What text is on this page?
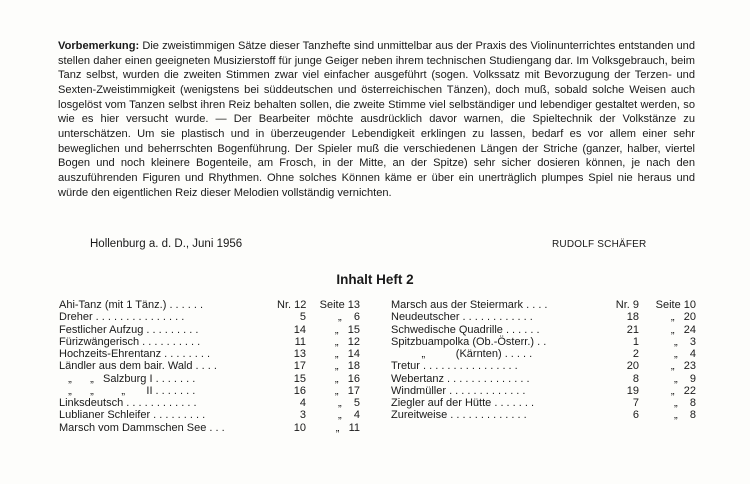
Vorbemerkung: Die zweistimmigen Sätze dieser Tanzhefte sind unmittelbar aus der Praxis des Violinunterrichtes entstanden und stellen daher einen geeigneten Musizierstoff für junge Geiger neben ihrem technischen Studiengang dar. Im Volksgebrauch, beim Tanz selbst, wurden die zweiten Stimmen zwar viel einfacher ausgeführt (sogen. Volkssatz mit Bevorzugung der Terzen- und Sexten-Zweistimmigkeit (wenigstens bei süddeutschen und österreichischen Tänzen), doch muß, sobald solche Weisen auch losgelöst vom Tanzen selbst ihren Reiz behalten sollen, die zweite Stimme viel selbständiger und lebendiger gestaltet werden, so wie es hier versucht wurde. — Der Bearbeiter möchte ausdrücklich davor warnen, die Spieltechnik der Volkstänze zu unterschätzen. Um sie plastisch und in überzeugender Lebendigkeit erklingen zu lassen, bedarf es vor allem einer sehr beweglichen und beherrschten Bogenführung. Der Spieler muß die verschiedenen Längen der Striche (ganzer, halber, viertel Bogen und noch kleinere Bogenteile, am Frosch, in der Mitte, an der Spitze) sehr sicher dosieren können, je nach den auszuführenden Figuren und Rhythmen. Ohne solches Können käme er über ein unerträglich plumpes Spiel nie heraus und würde den eigentlichen Reiz dieser Melodien vollständig vernichten.
Hollenburg a. d. D., Juni 1956	RUDOLF SCHÄFER
Inhalt Heft 2
Ahi-Tanz (mit 1 Tänz.) . . . . . .	Nr. 12	Seite 13
Dreher . . . . . . . . . . . . . . .	5	„    6
Festlicher Aufzug . . . . . . . . .	14	„   15
Fürizwängerisch . . . . . . . . . .	11	„   12
Hochzeits-Ehrentanz . . . . . . . .	13	„   14
Ländler aus dem bair. Wald . . . .	17	„   18
„      „   Salzburg I . . . . . . .	15	„   16
„      „         „       II . . . . . . .	16	„   17
Linksdeutsch . . . . . . . . . . . .	4	„    5
Lublianer Schleifer . . . . . . . . .	3	„    4
Marsch vom Dammschen See . . .	10	„   11
Marsch aus der Steiermark . . . .	Nr. 9	Seite 10
Neudeutscher . . . . . . . . . . . .	18	„   20
Schwedische Quadrille . . . . . .	21	„   24
Spitzbuampolka (Ob.-Österr.) . .	1	„    3
„          (Kärnten) . . . . .	2	„    4
Tretur . . . . . . . . . . . . . . . .	20	„   23
Webertanz . . . . . . . . . . . . . .	8	„    9
Windmüller . . . . . . . . . . . . .	19	„   22
Ziegler auf der Hütte . . . . . . .	7	„    8
Zureitweise . . . . . . . . . . . . .	6	„    8
